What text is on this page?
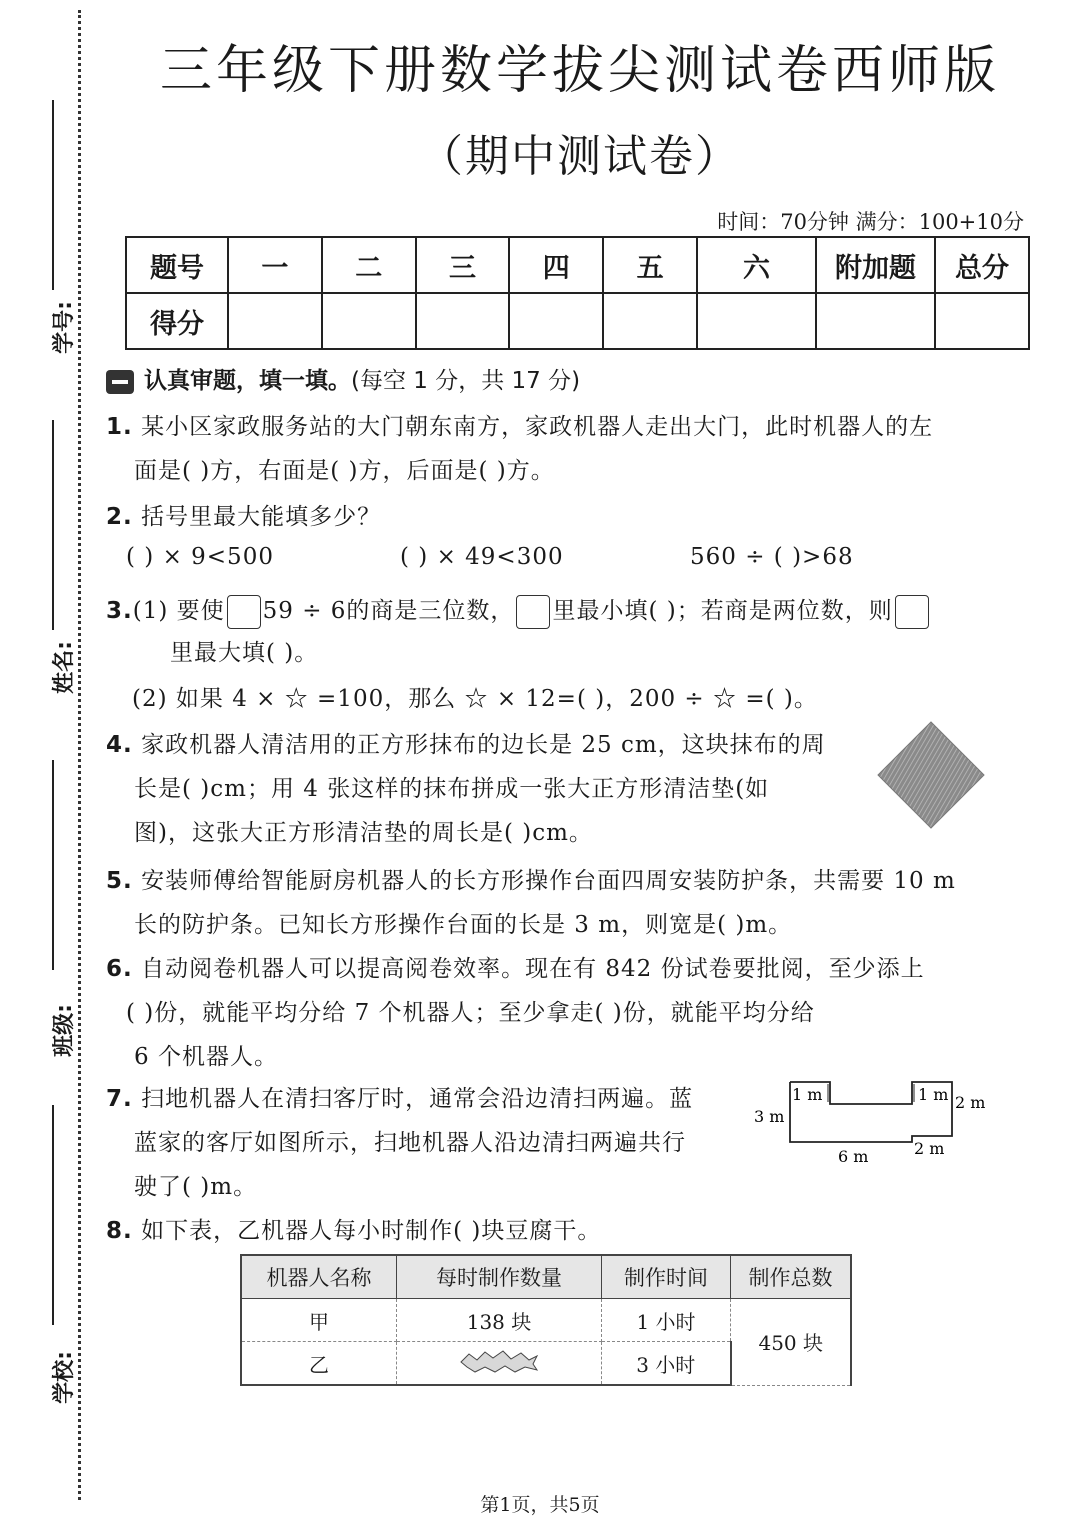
学号:
姓名:
班级:
学校:
三年级下册数学拔尖测试卷西师版
（期中测试卷）
时间：70分钟 满分：100+10分
题号	一	二	三	四	五	六	附加题	总分
得分								
认真审题，填一填。(每空 1 分，共 17 分)
1. 某小区家政服务站的大门朝东南方，家政机器人走出大门，此时机器人的左
面是( )方，右面是( )方，后面是( )方。
2. 括号里最大能填多少？
( ) × 9<500	( ) × 49<300	560 ÷ ( )>68
3.(1) 要使 59 ÷ 6的商是三位数， 里最小填( )；若商是两位数，则
里最大填( )。
(2) 如果 4 × ☆ =100，那么 ☆ × 12=( )，200 ÷ ☆ =( )。
4. 家政机器人清洁用的正方形抹布的边长是 25 cm，这块抹布的周
长是( )cm；用 4 张这样的抹布拼成一张大正方形清洁垫(如
图)，这张大正方形清洁垫的周长是( )cm。
5. 安装师傅给智能厨房机器人的长方形操作台面四周安装防护条，共需要 10 m
长的防护条。已知长方形操作台面的长是 3 m，则宽是( )m。
6. 自动阅卷机器人可以提高阅卷效率。现在有 842 份试卷要批阅，至少添上
( )份，就能平均分给 7 个机器人；至少拿走( )份，就能平均分给
6 个机器人。
7. 扫地机器人在清扫客厅时，通常会沿边清扫两遍。蓝
蓝家的客厅如图所示，扫地机器人沿边清扫两遍共行
驶了( )m。
1 m	1 m
3 m
2 m
6 m	2 m
8. 如下表，乙机器人每小时制作( )块豆腐干。
机器人名称	每时制作数量	制作时间	制作总数
甲	138 块	1 小时	450 块
乙		3 小时	
第1页，共5页
